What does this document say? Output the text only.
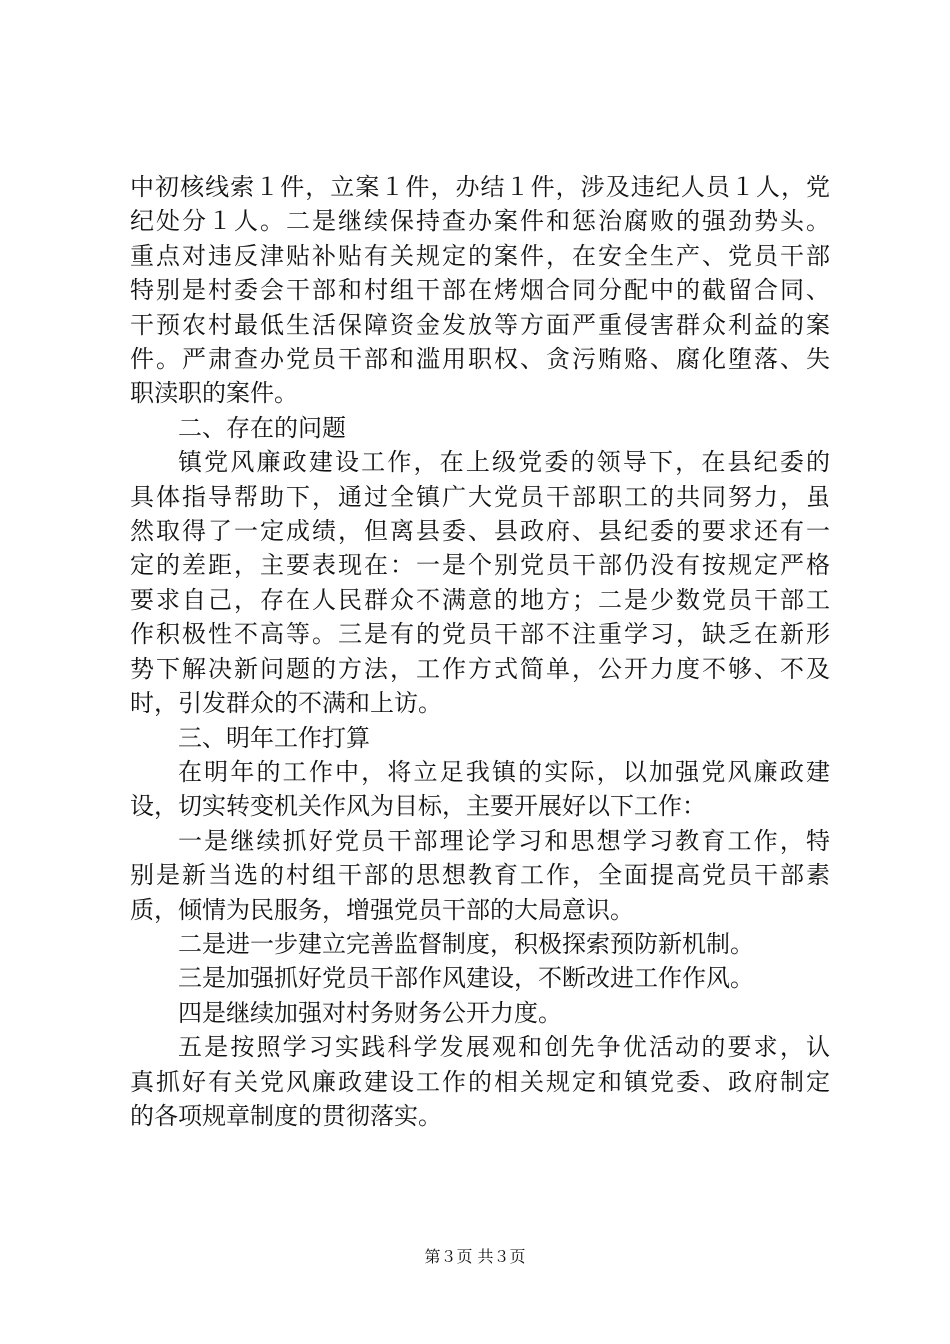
中初核线索１件，立案１件，办结１件，涉及违纪人员１人，党
纪处分１人。二是继续保持查办案件和惩治腐败的强劲势头。
重点对违反津贴补贴有关规定的案件，在安全生产、党员干部
特别是村委会干部和村组干部在烤烟合同分配中的截留合同、
干预农村最低生活保障资金发放等方面严重侵害群众利益的案
件。严肃查办党员干部和滥用职权、贪污贿赂、腐化堕落、失
职渎职的案件。
二、存在的问题
镇党风廉政建设工作，在上级党委的领导下，在县纪委的
具体指导帮助下，通过全镇广大党员干部职工的共同努力，虽
然取得了一定成绩，但离县委、县政府、县纪委的要求还有一
定的差距，主要表现在：一是个别党员干部仍没有按规定严格
要求自己，存在人民群众不满意的地方；二是少数党员干部工
作积极性不高等。三是有的党员干部不注重学习，缺乏在新形
势下解决新问题的方法，工作方式简单，公开力度不够、不及
时，引发群众的不满和上访。
三、明年工作打算
在明年的工作中，将立足我镇的实际，以加强党风廉政建
设，切实转变机关作风为目标，主要开展好以下工作：
一是继续抓好党员干部理论学习和思想学习教育工作，特
别是新当选的村组干部的思想教育工作，全面提高党员干部素
质，倾情为民服务，增强党员干部的大局意识。
二是进一步建立完善监督制度，积极探索预防新机制。
三是加强抓好党员干部作风建设，不断改进工作作风。
四是继续加强对村务财务公开力度。
五是按照学习实践科学发展观和创先争优活动的要求，认
真抓好有关党风廉政建设工作的相关规定和镇党委、政府制定
的各项规章制度的贯彻落实。
第３页 共３页
